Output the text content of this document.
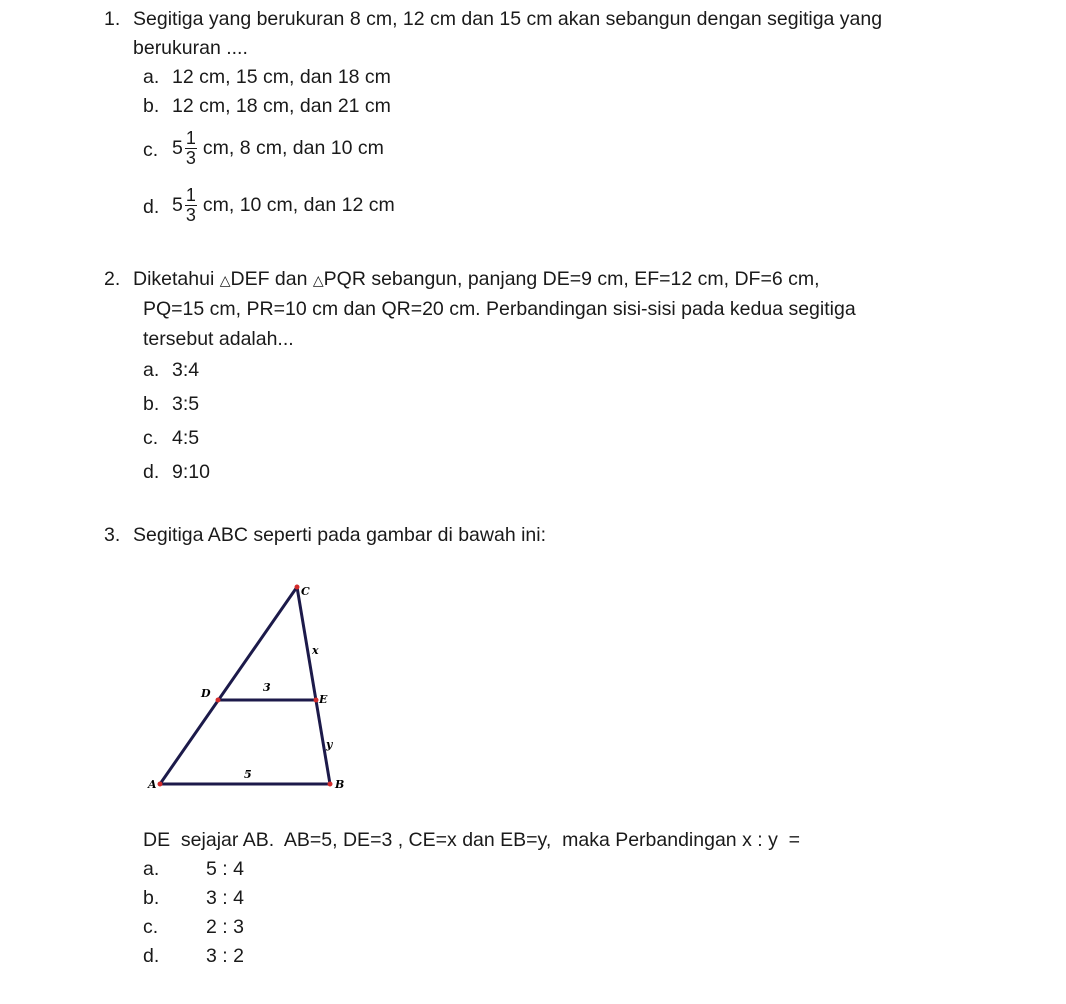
1. Segitiga yang berukuran 8 cm, 12 cm dan 15 cm akan sebangun dengan segitiga yang
berukuran ....
a. 12 cm, 15 cm, dan 18 cm
b. 12 cm, 18 cm, dan 21 cm
c. $5 \frac{1}{3}$ cm, 8 cm, dan 10 cm
d. $5 \frac{1}{3}$ cm, 10 cm, dan 12 cm
2. Diketahui △DEF dan △PQR sebangun, panjang DE=9 cm, EF=12 cm, DF=6 cm,
PQ=15 cm, PR=10 cm dan QR=20 cm. Perbandingan sisi-sisi pada kedua segitiga
tersebut adalah...
a. 3:4
b. 3:5
c. 4:5
d. 9:10
3. Segitiga ABC seperti pada gambar di bawah ini:
C
x
D	3
E
y
A
5
B
DE  sejajar AB.  AB=5, DE=3 , CE=x dan EB=y,  maka Perbandingan x : y  =
a. 5 : 4
b. 3 : 4
c. 2 : 3
d. 3 : 2
